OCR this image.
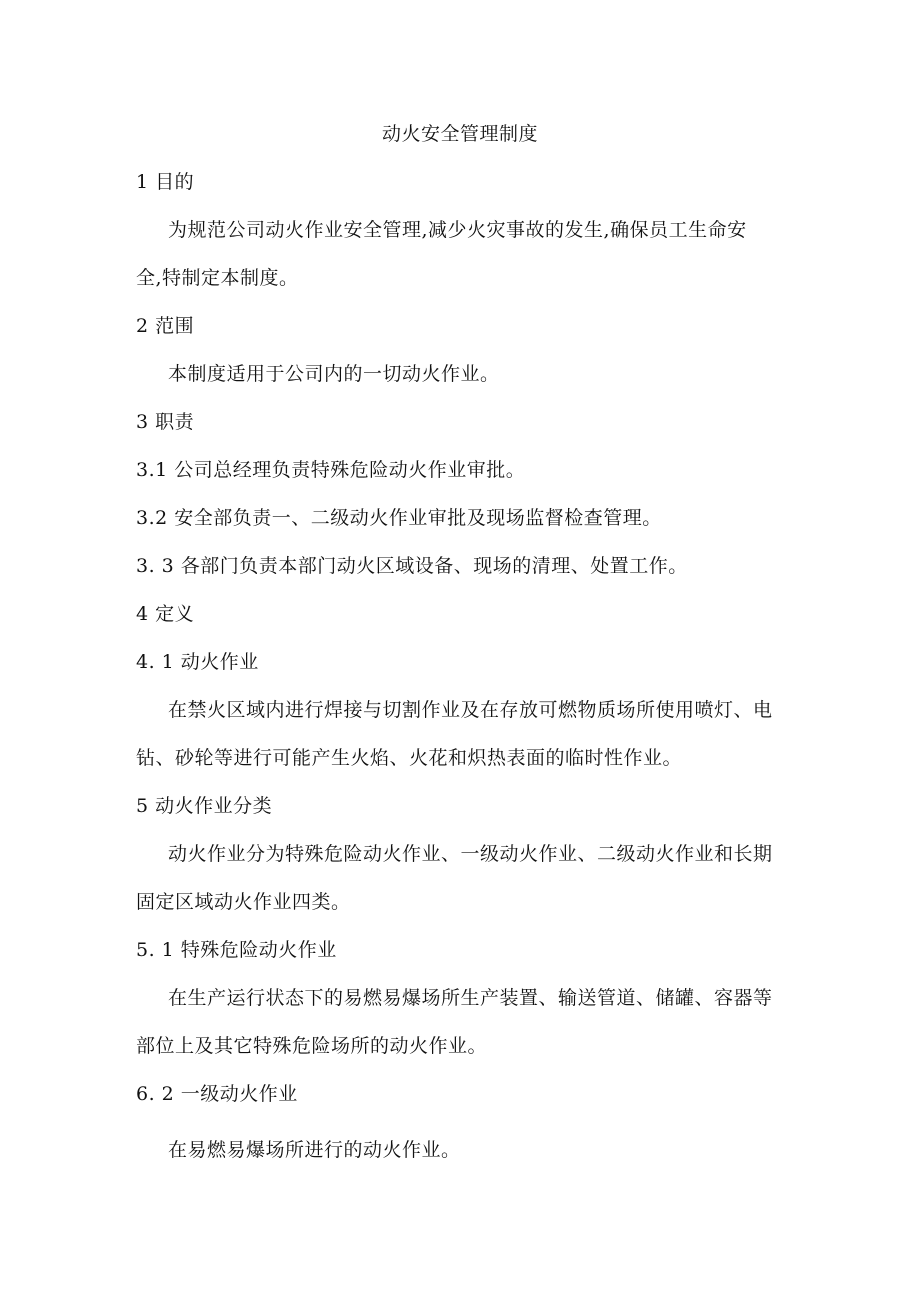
动火安全管理制度
1 目的
为规范公司动火作业安全管理,减少火灾事故的发生,确保员工生命安
全,特制定本制度。
2 范围
本制度适用于公司内的一切动火作业。
3 职责
3.1 公司总经理负责特殊危险动火作业审批。
3.2 安全部负责一、二级动火作业审批及现场监督检查管理。
3. 3 各部门负责本部门动火区域设备、现场的清理、处置工作。
4 定义
4. 1 动火作业
在禁火区域内进行焊接与切割作业及在存放可燃物质场所使用喷灯、电
钻、砂轮等进行可能产生火焰、火花和炽热表面的临时性作业。
5 动火作业分类
动火作业分为特殊危险动火作业、一级动火作业、二级动火作业和长期
固定区域动火作业四类。
5. 1 特殊危险动火作业
在生产运行状态下的易燃易爆场所生产装置、输送管道、储罐、容器等
部位上及其它特殊危险场所的动火作业。
6. 2 一级动火作业
在易燃易爆场所进行的动火作业。
